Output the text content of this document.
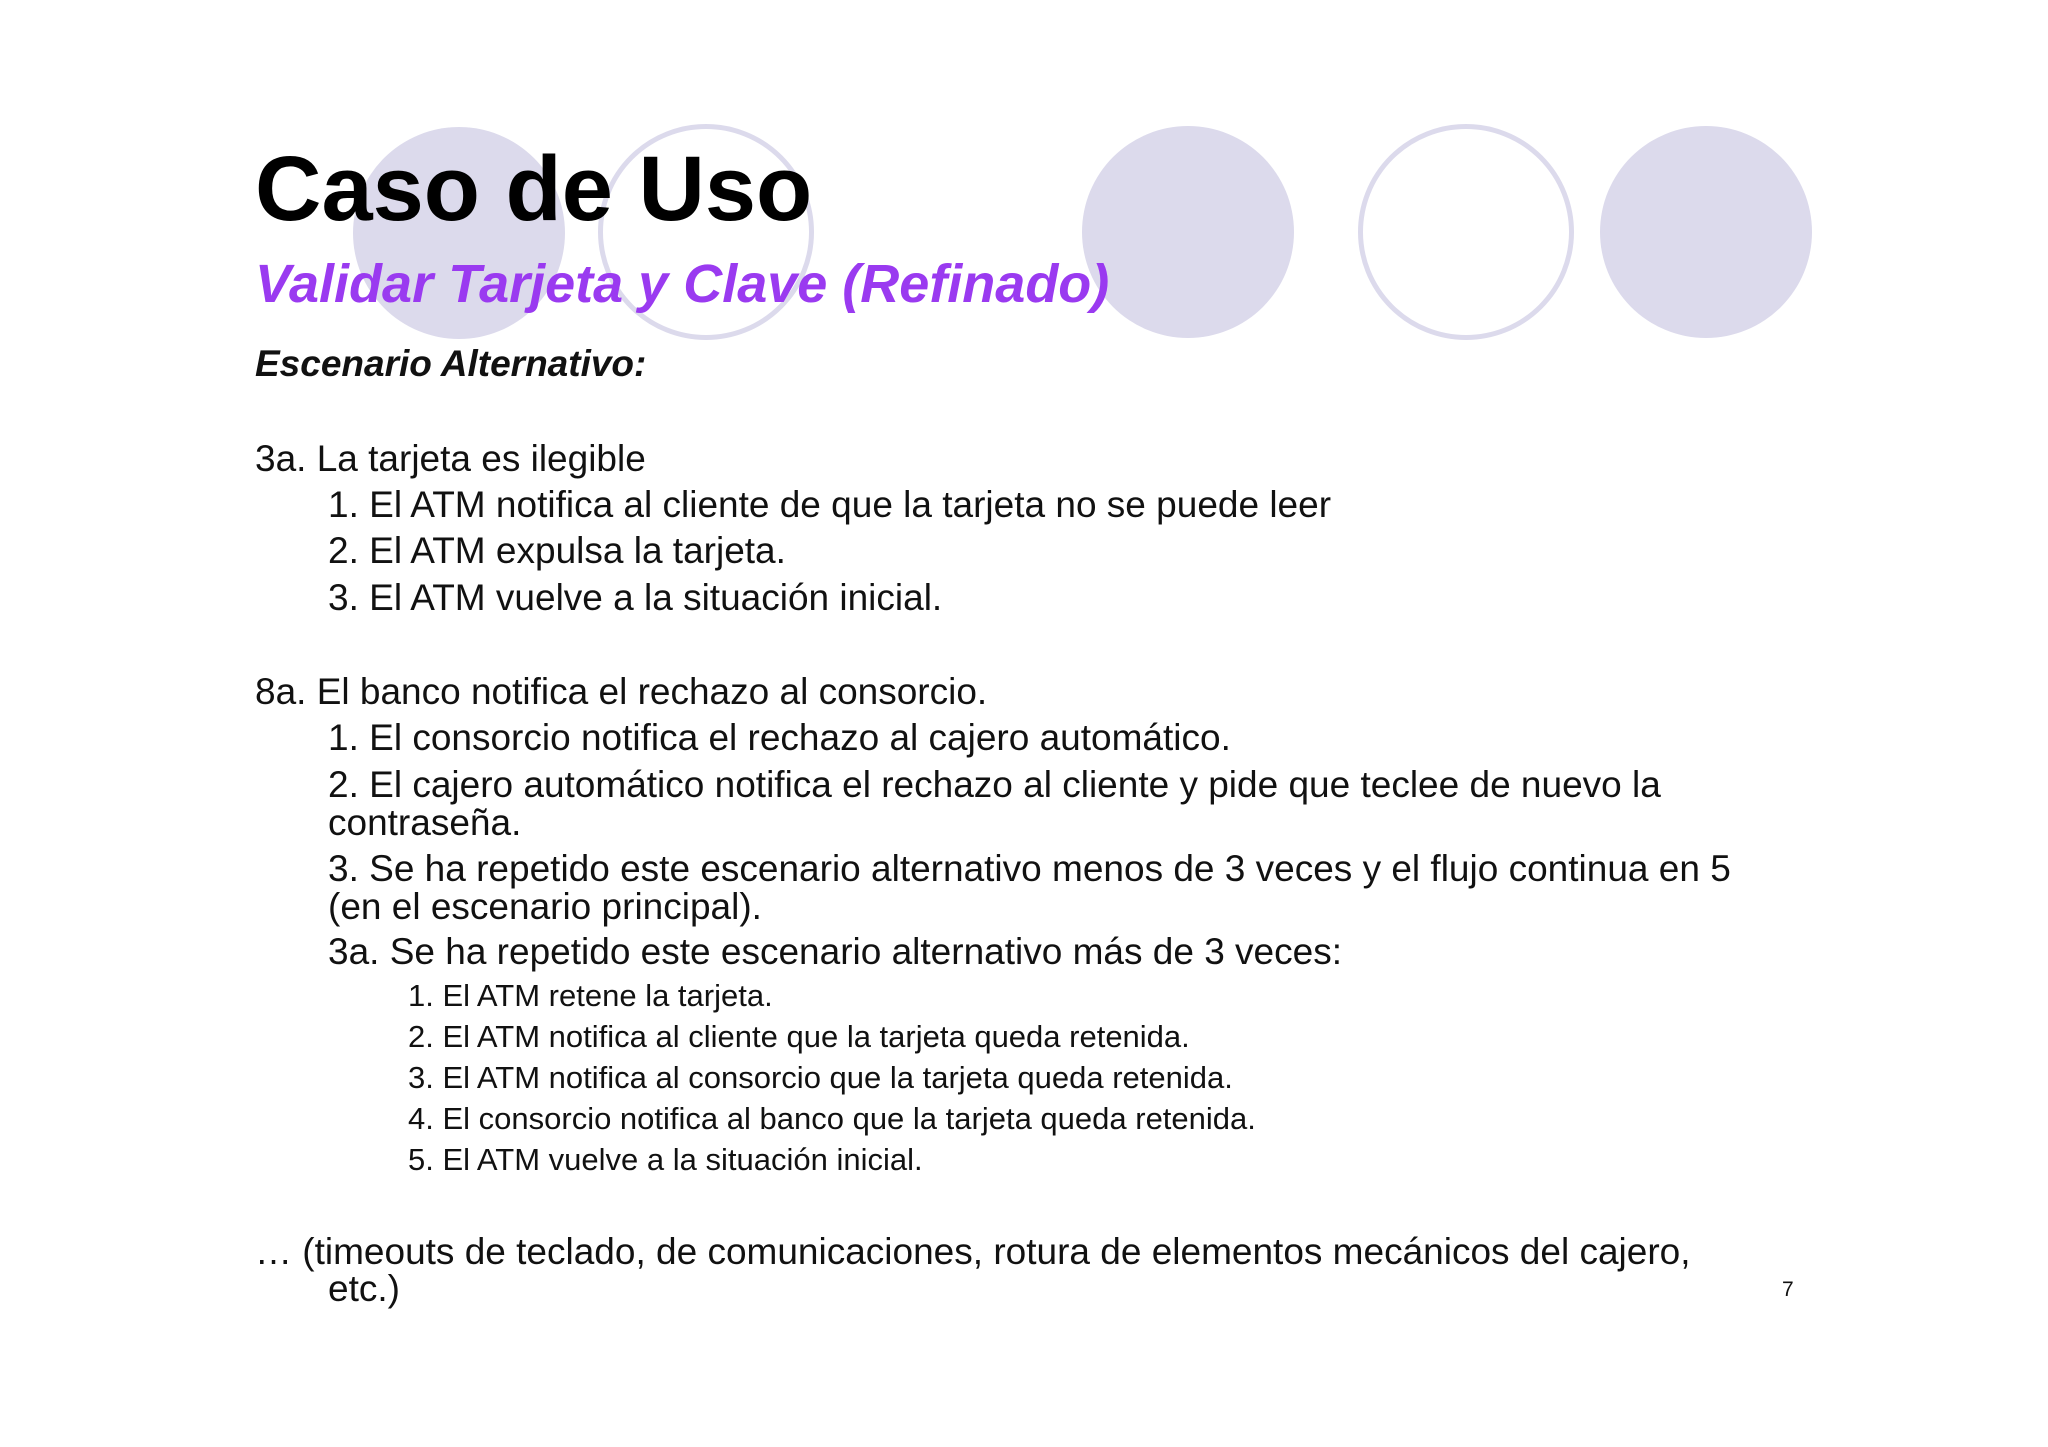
Caso de Uso
Validar Tarjeta y Clave (Refinado)

Escenario Alternativo:

3a. La tarjeta es ilegible

1. El ATM notifica al cliente de que la tarjeta no se puede leer

2. El ATM expulsa la tarjeta.

3. El ATM vuelve a la situación inicial.

8a. El banco notifica el rechazo al consorcio.

1. El consorcio notifica el rechazo al cajero automático.

2. El cajero automático notifica el rechazo al cliente y pide que teclee de nuevo la

contraseña.

3. Se ha repetido este escenario alternativo menos de 3 veces y el flujo continua en 5

(en el escenario principal).

3a. Se ha repetido este escenario alternativo más de 3 veces:

1. El ATM retene la tarjeta.

2. El ATM notifica al cliente que la tarjeta queda retenida.

3. El ATM notifica al consorcio que la tarjeta queda retenida.

4. El consorcio notifica al banco que la tarjeta queda retenida.

5. El ATM vuelve a la situación inicial.

… (timeouts de teclado, de comunicaciones, rotura de elementos mecánicos del cajero,

etc.)	7
